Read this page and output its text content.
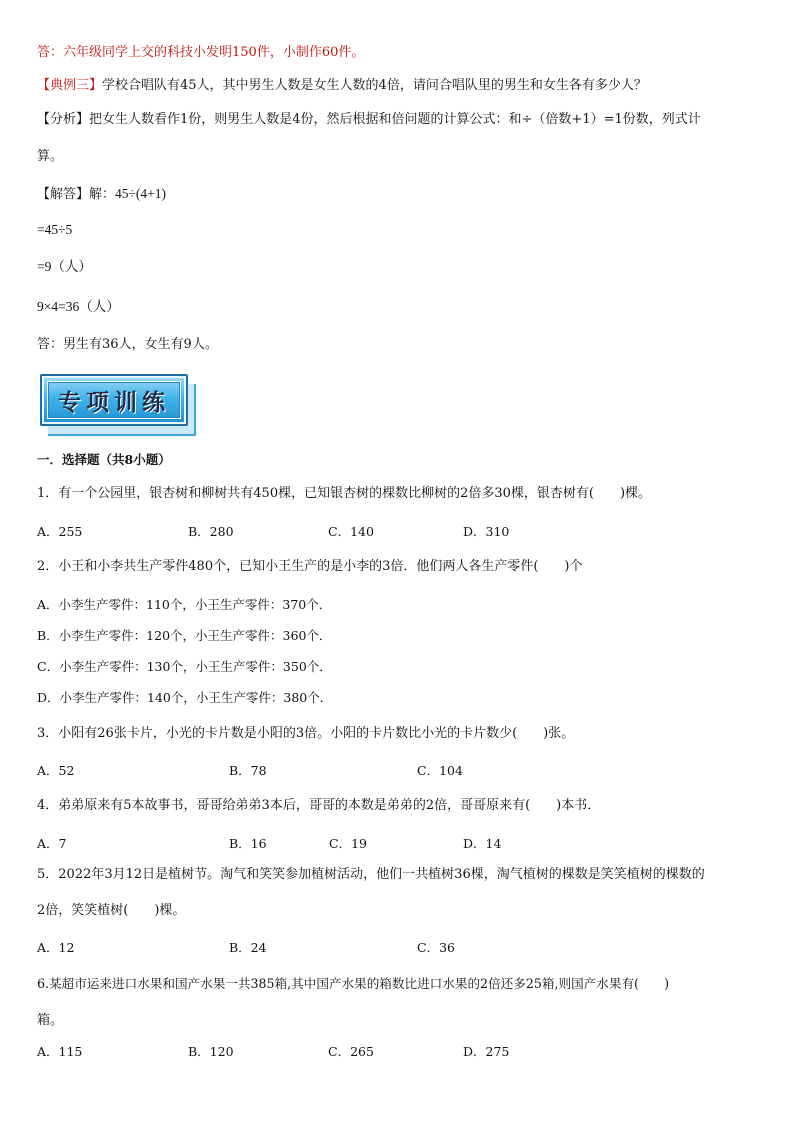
答：六年级同学上交的科技小发明150件，小制作60件。
【典例三】学校合唱队有45人，其中男生人数是女生人数的4倍，请问合唱队里的男生和女生各有多少人？
【分析】把女生人数看作1份，则男生人数是4份，然后根据和倍问题的计算公式：和÷（倍数+1）=1份数，列式计
算。
【解答】解：45÷(4+1)
=45÷5
=9（人）
9×4=36（人）
答：男生有36人，女生有9人。
专项训练
一．选择题（共8小题）
1．有一个公园里，银杏树和柳树共有450棵，已知银杏树的棵数比柳树的2倍多30棵，银杏树有(　　)棵。
A．255	B．280	C．140	D．310
2．小王和小李共生产零件480个，已知小王生产的是小李的3倍．他们两人各生产零件(　　)个
A．小李生产零件：110个，小王生产零件：370个．
B．小李生产零件：120个，小王生产零件：360个．
C．小李生产零件：130个，小王生产零件：350个．
D．小李生产零件：140个，小王生产零件：380个．
3．小阳有26张卡片，小光的卡片数是小阳的3倍。小阳的卡片数比小光的卡片数少(　　)张。
A．52	B．78	C．104
4．弟弟原来有5本故事书，哥哥给弟弟3本后，哥哥的本数是弟弟的2倍，哥哥原来有(　　)本书．
A．7	B．16	C．19	D．14
5．2022年3月12日是植树节。淘气和笑笑参加植树活动，他们一共植树36棵，淘气植树的棵数是笑笑植树的棵数的
2倍，笑笑植树(　　)棵。
A．12	B．24	C．36
6.某超市运来进口水果和国产水果一共385箱,其中国产水果的箱数比进口水果的2倍还多25箱,则国产水果有(　　)
箱。
A．115	B．120	C．265	D．275
